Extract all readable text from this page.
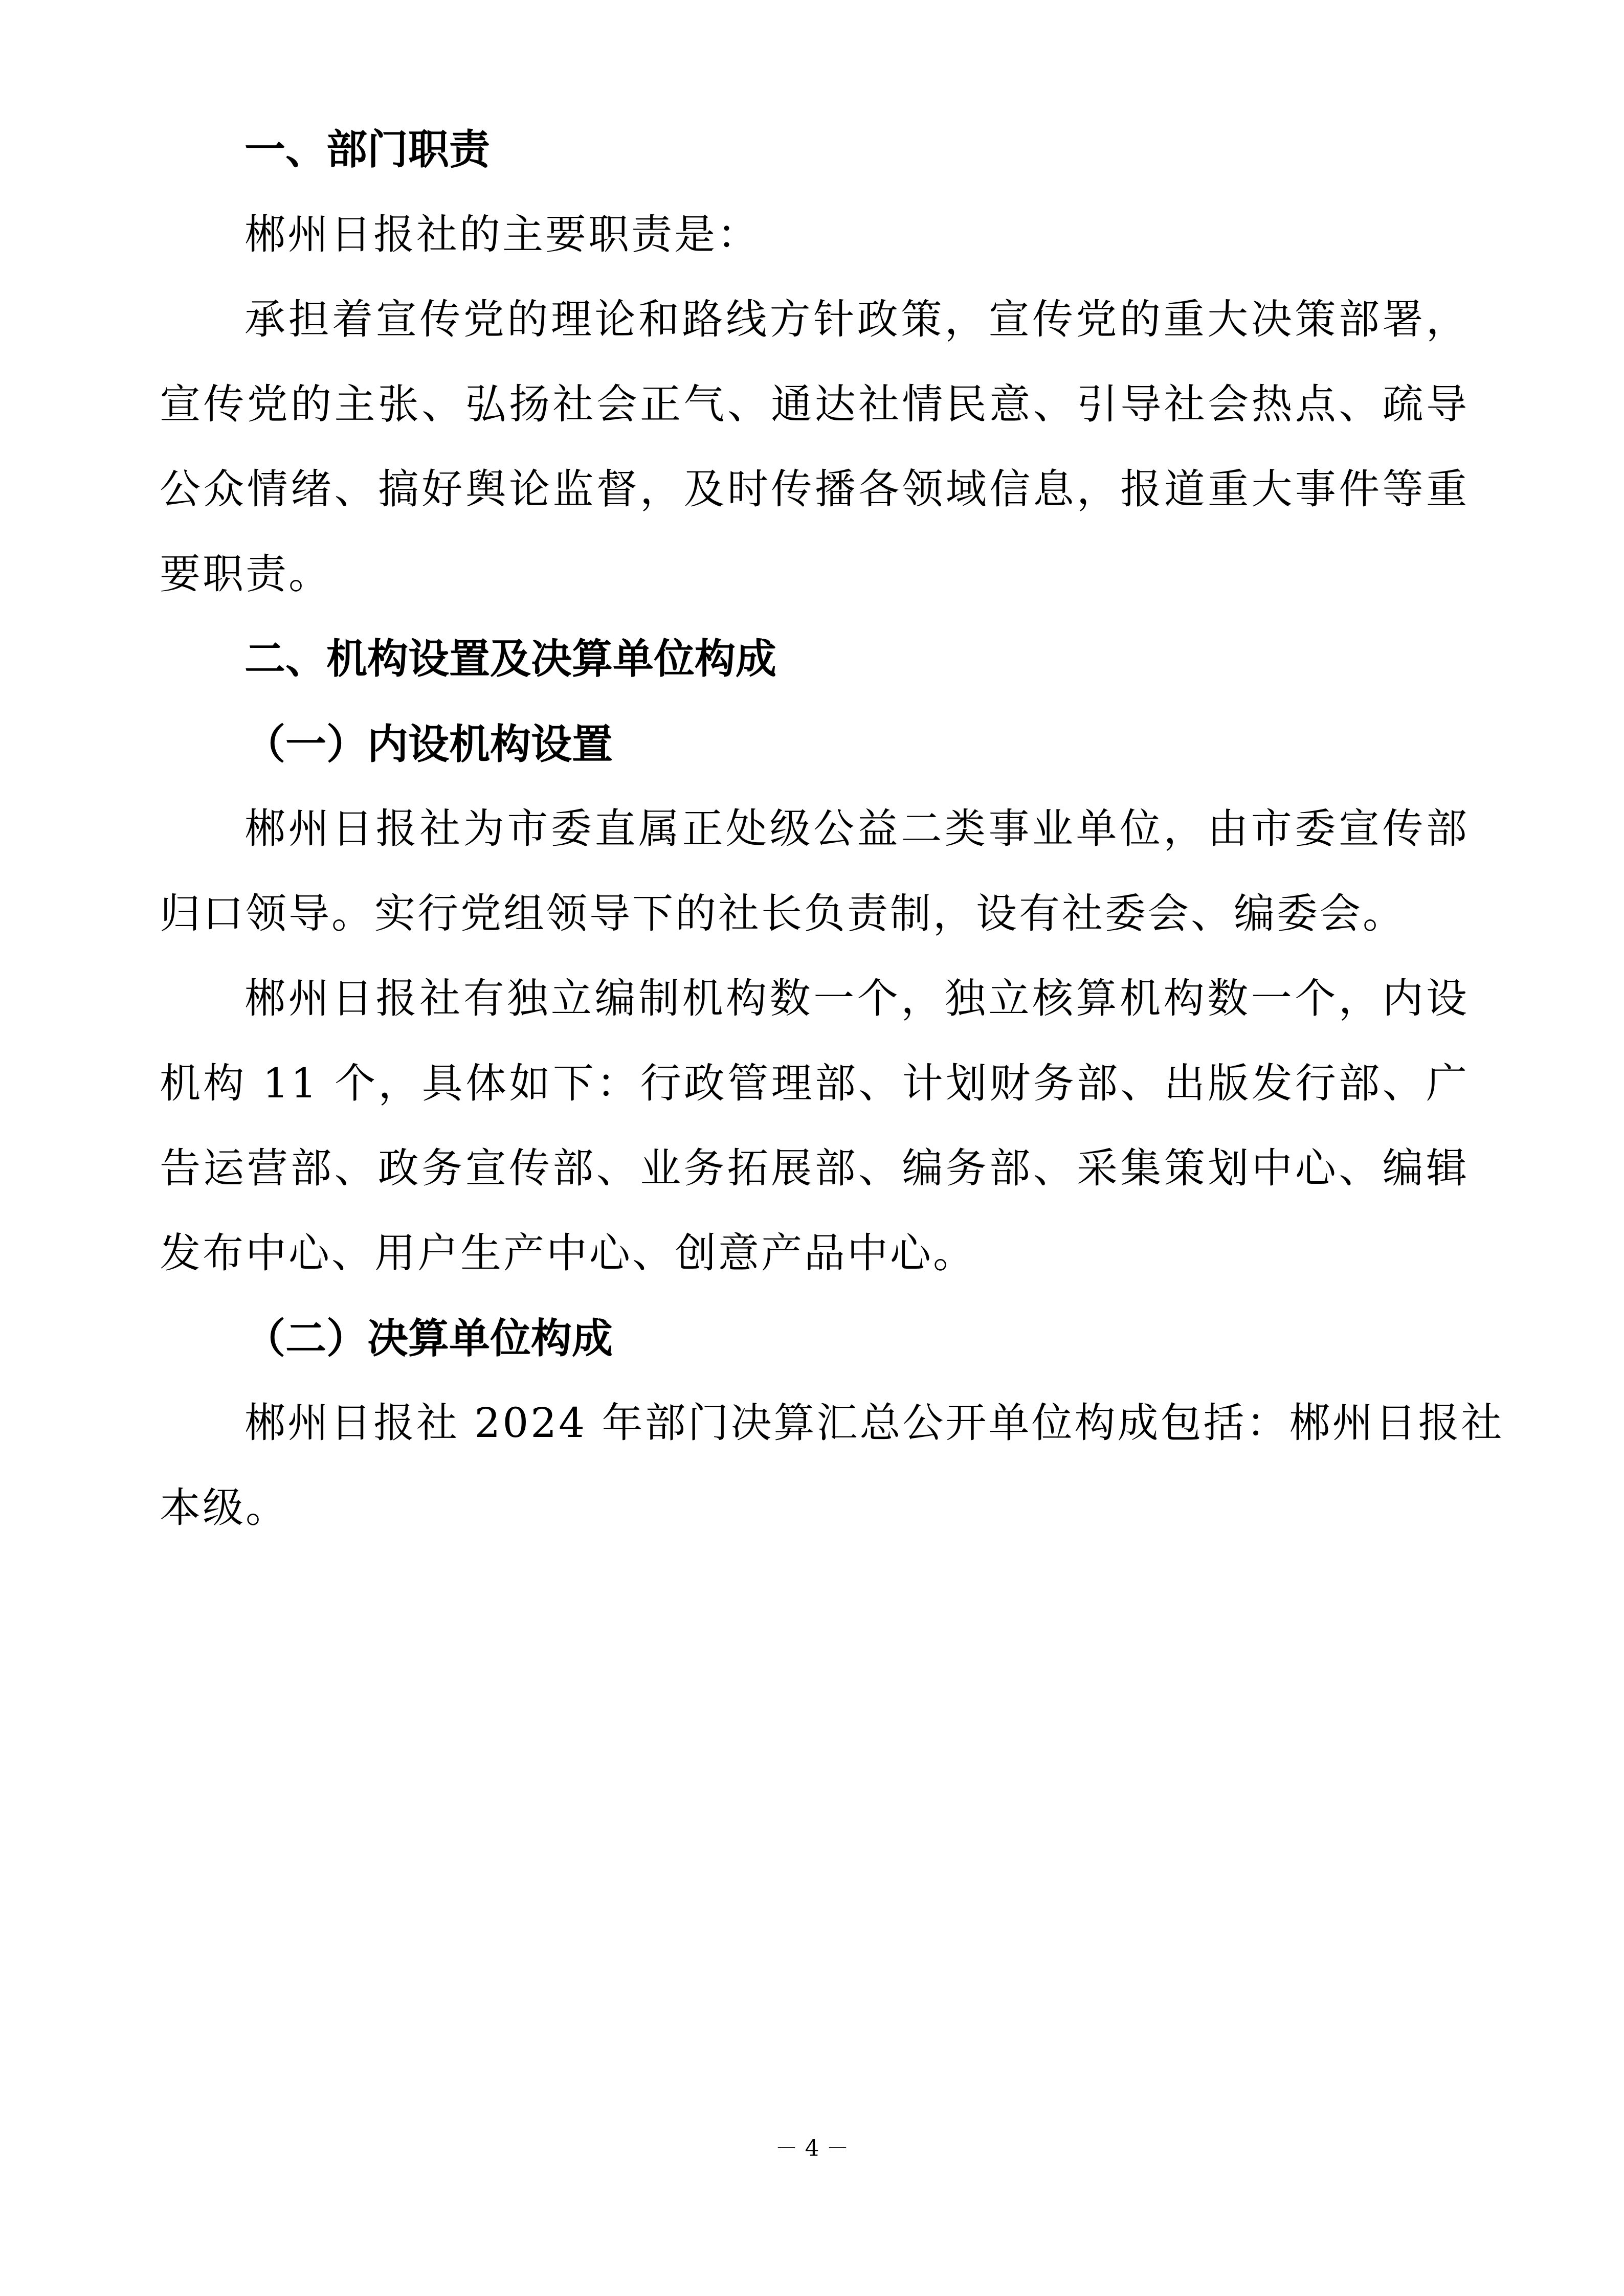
一、部门职责
郴州日报社的主要职责是：
承担着宣传党的理论和路线方针政策，宣传党的重大决策部署，
宣传党的主张、弘扬社会正气、通达社情民意、引导社会热点、疏导
公众情绪、搞好舆论监督，及时传播各领域信息，报道重大事件等重
要职责。
二、机构设置及决算单位构成
（一）内设机构设置
郴州日报社为市委直属正处级公益二类事业单位，由市委宣传部
归口领导。实行党组领导下的社长负责制，设有社委会、编委会。
郴州日报社有独立编制机构数一个，独立核算机构数一个，内设
机构 11 个，具体如下：行政管理部、计划财务部、出版发行部、广
告运营部、政务宣传部、业务拓展部、编务部、采集策划中心、编辑
发布中心、用户生产中心、创意产品中心。
（二）决算单位构成
郴州日报社 2024 年部门决算汇总公开单位构成包括：郴州日报社
本级。
－ 4 －
